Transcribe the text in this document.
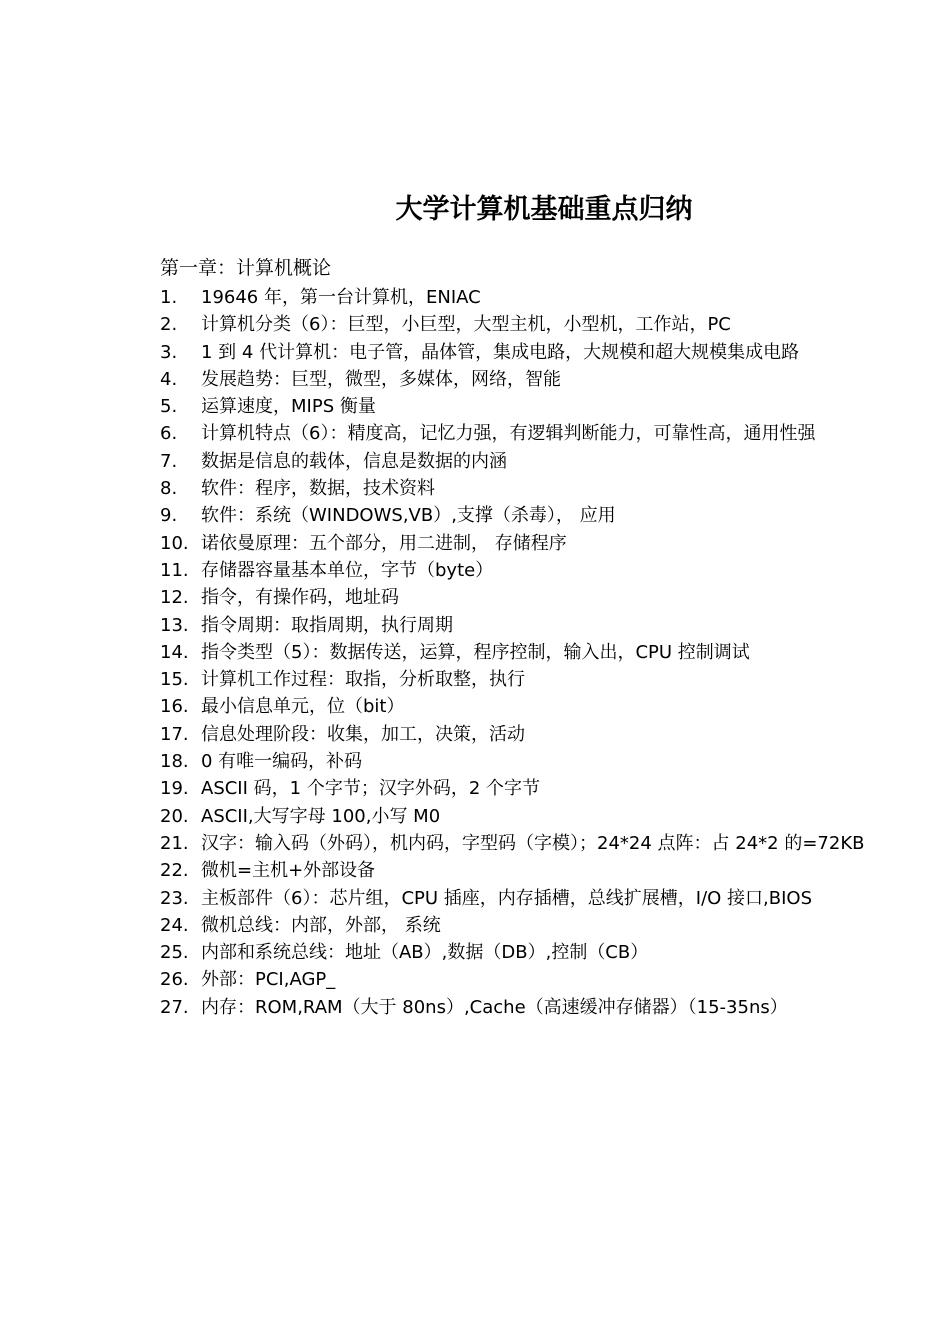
大学计算机基础重点归纳
第一章：计算机概论
1.	19646 年，第一台计算机，ENIAC
2.	计算机分类（6）：巨型，小巨型，大型主机，小型机，工作站，PC
3.	1 到 4 代计算机：电子管，晶体管，集成电路，大规模和超大规模集成电路
4.	发展趋势：巨型，微型，多媒体，网络，智能
5.	运算速度，MIPS 衡量
6.	计算机特点（6）：精度高，记忆力强，有逻辑判断能力，可靠性高，通用性强
7.	数据是信息的载体，信息是数据的内涵
8.	软件：程序，数据，技术资料
9.	软件：系统（WINDOWS,VB）,支撑（杀毒）， 应用
10. 诺依曼原理：五个部分，用二进制， 存储程序
11. 存储器容量基本单位，字节（byte）
12. 指令，有操作码，地址码
13. 指令周期：取指周期，执行周期
14. 指令类型（5）：数据传送，运算，程序控制，输入出，CPU 控制调试
15. 计算机工作过程：取指，分析取整，执行
16. 最小信息单元，位（bit）
17. 信息处理阶段：收集，加工，决策，活动
18. 0 有唯一编码，补码
19. ASCII 码，1 个字节；汉字外码，2 个字节
20. ASCII,大写字母 100,小写 M0
21. 汉字：输入码（外码），机内码，字型码（字模）；24*24 点阵：占 24*2 的=72KB
22. 微机=主机+外部设备
23. 主板部件（6）：芯片组，CPU 插座，内存插槽，总线扩展槽，I/O 接口,BIOS
24. 微机总线：内部，外部， 系统
25. 内部和系统总线：地址（AB）,数据（DB）,控制（CB）
26. 外部：PCI,AGP_
27. 内存：ROM,RAM（大于 80ns）,Cache（高速缓冲存储器）（15-35ns）
